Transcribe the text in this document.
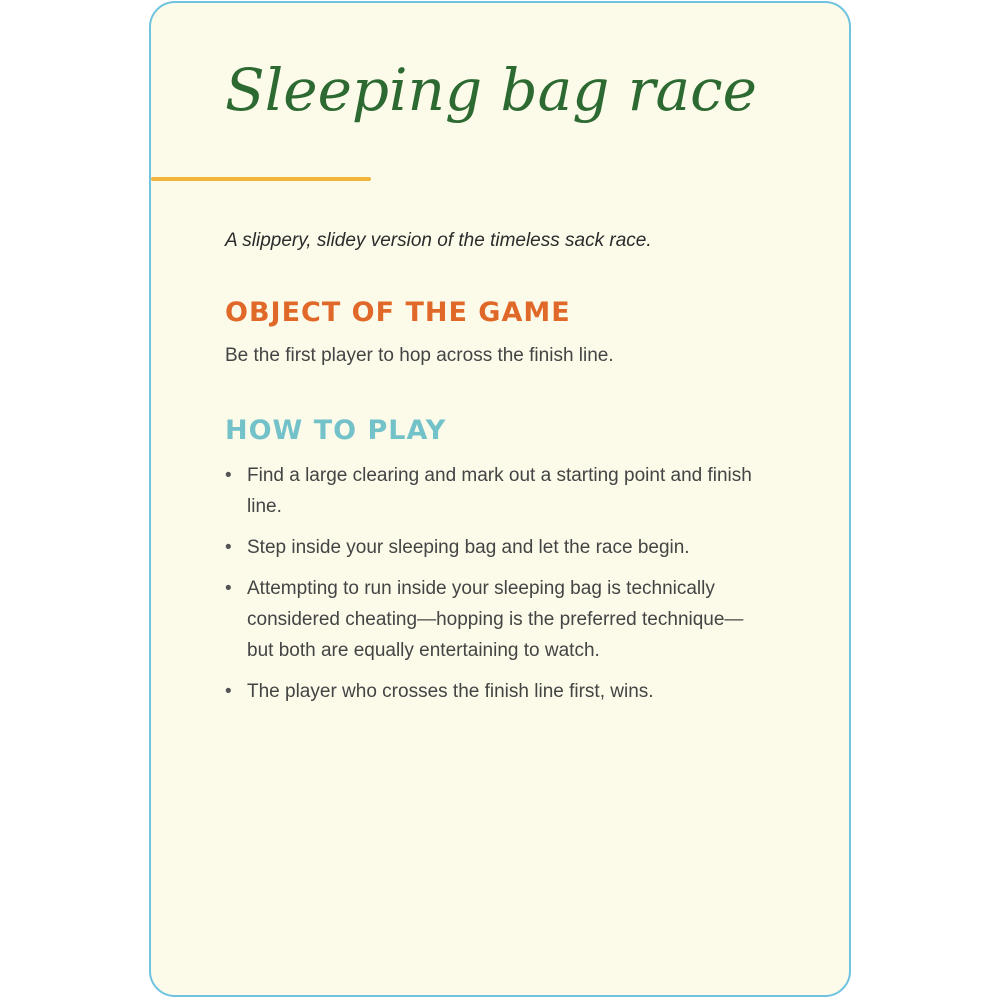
Sleeping bag race
A slippery, slidey version of the timeless sack race.
OBJECT OF THE GAME
Be the first player to hop across the finish line.
HOW TO PLAY
• Find a large clearing and mark out a starting point and finish line.
• Step inside your sleeping bag and let the race begin.
• Attempting to run inside your sleeping bag is technically considered cheating—hopping is the preferred technique—but both are equally entertaining to watch.
• The player who crosses the finish line first, wins.
